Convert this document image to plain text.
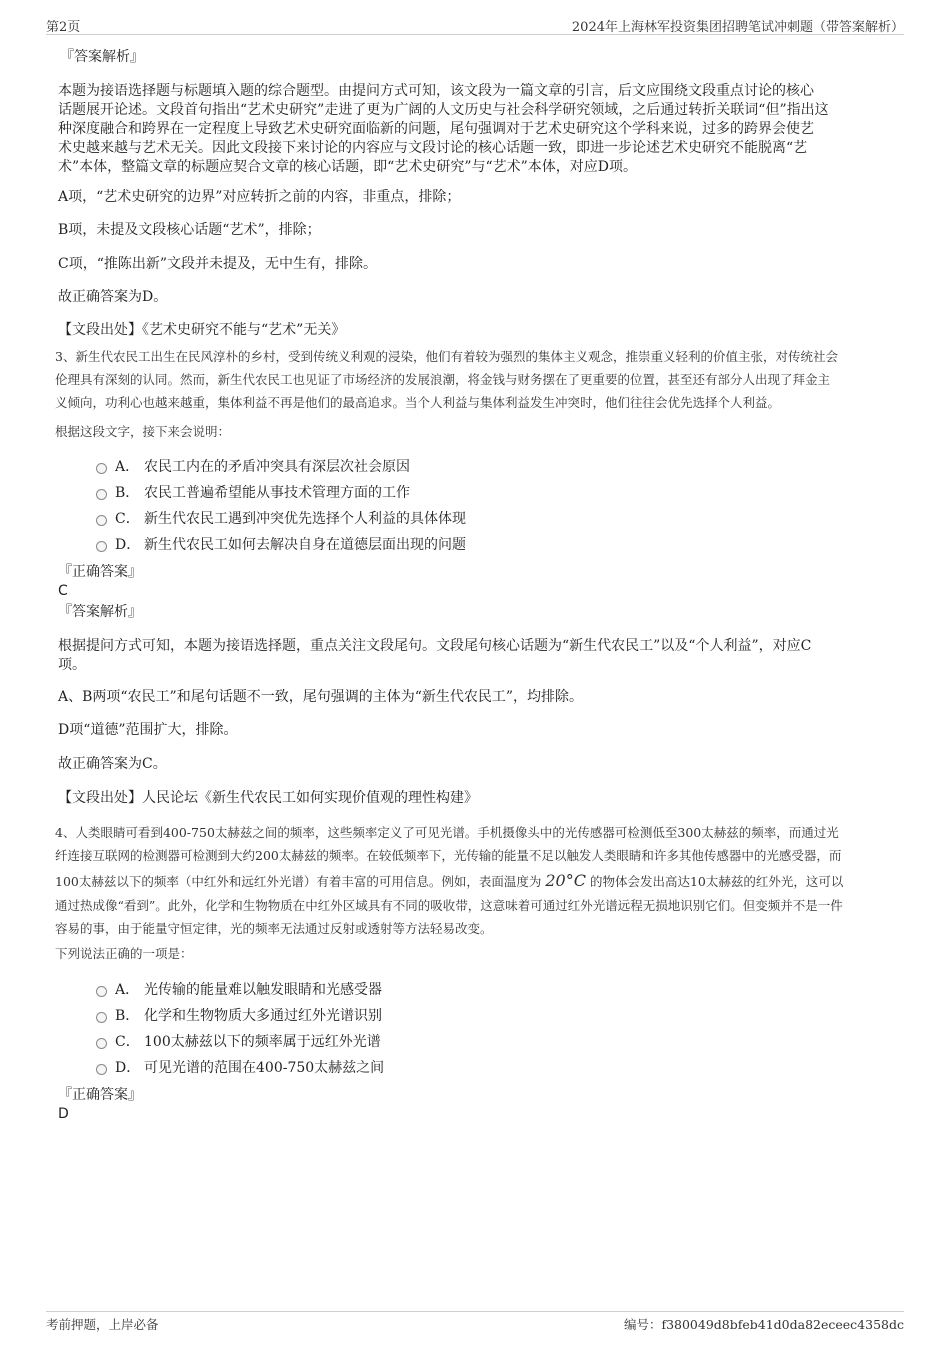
第2页	2024年上海林军投资集团招聘笔试冲刺题（带答案解析）
『答案解析』
本题为接语选择题与标题填入题的综合题型。由提问方式可知，该文段为一篇文章的引言，后文应围绕文段重点讨论的核心
话题展开论述。文段首句指出“艺术史研究”走进了更为广阔的人文历史与社会科学研究领域，之后通过转折关联词“但”指出这
种深度融合和跨界在一定程度上导致艺术史研究面临新的问题，尾句强调对于艺术史研究这个学科来说，过多的跨界会使艺
术史越来越与艺术无关。因此文段接下来讨论的内容应与文段讨论的核心话题一致，即进一步论述艺术史研究不能脱离“艺
术”本体，整篇文章的标题应契合文章的核心话题，即“艺术史研究”与“艺术”本体，对应D项。
A项，“艺术史研究的边界”对应转折之前的内容，非重点，排除；
B项，未提及文段核心话题“艺术”，排除；
C项，“推陈出新”文段并未提及，无中生有，排除。
故正确答案为D。
【文段出处】《艺术史研究不能与“艺术”无关》
3、新生代农民工出生在民风淳朴的乡村，受到传统义利观的浸染，他们有着较为强烈的集体主义观念，推崇重义轻利的价值主张，对传统社会
伦理具有深刻的认同。然而，新生代农民工也见证了市场经济的发展浪潮，将金钱与财务摆在了更重要的位置，甚至还有部分人出现了拜金主
义倾向，功利心也越来越重，集体利益不再是他们的最高追求。当个人利益与集体利益发生冲突时，他们往往会优先选择个人利益。
根据这段文字，接下来会说明：
A． 农民工内在的矛盾冲突具有深层次社会原因
B． 农民工普遍希望能从事技术管理方面的工作
C． 新生代农民工遇到冲突优先选择个人利益的具体体现
D． 新生代农民工如何去解决自身在道德层面出现的问题
『正确答案』
C
『答案解析』
根据提问方式可知，本题为接语选择题，重点关注文段尾句。文段尾句核心话题为“新生代农民工”以及“个人利益”，对应C
项。
A、B两项“农民工”和尾句话题不一致，尾句强调的主体为“新生代农民工”，均排除。
D项“道德”范围扩大，排除。
故正确答案为C。
【文段出处】人民论坛《新生代农民工如何实现价值观的理性构建》
4、人类眼睛可看到400-750太赫兹之间的频率，这些频率定义了可见光谱。手机摄像头中的光传感器可检测低至300太赫兹的频率，而通过光
纤连接互联网的检测器可检测到大约200太赫兹的频率。在较低频率下，光传输的能量不足以触发人类眼睛和许多其他传感器中的光感受器，而
100太赫兹以下的频率（中红外和远红外光谱）有着丰富的可用信息。例如，表面温度为 20°C 的物体会发出高达10太赫兹的红外光，这可以
通过热成像“看到”。此外，化学和生物物质在中红外区域具有不同的吸收带，这意味着可通过红外光谱远程无损地识别它们。但变频并不是一件
容易的事，由于能量守恒定律，光的频率无法通过反射或透射等方法轻易改变。
下列说法正确的一项是：
A． 光传输的能量难以触发眼睛和光感受器
B． 化学和生物物质大多通过红外光谱识别
C． 100太赫兹以下的频率属于远红外光谱
D． 可见光谱的范围在400-750太赫兹之间
『正确答案』
D
考前押题，上岸必备	编号：f380049d8bfeb41d0da82eceec4358dc
